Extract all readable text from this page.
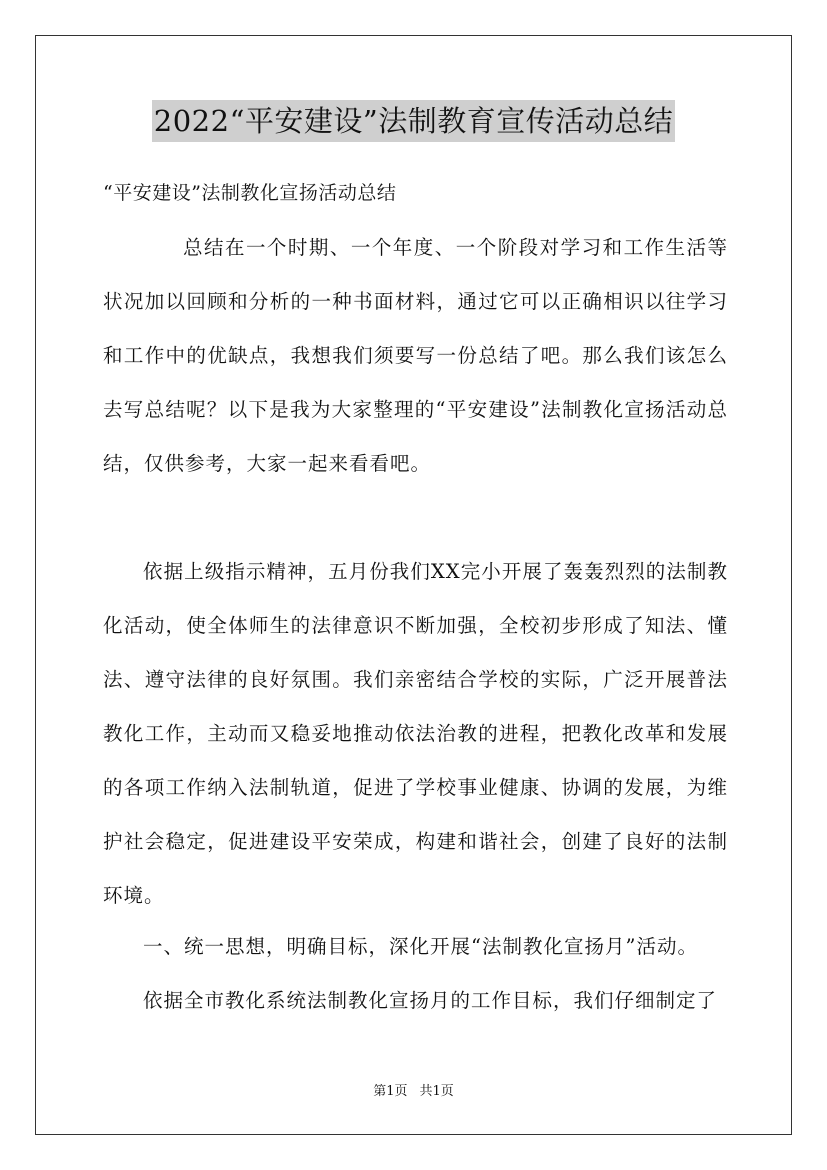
2022“平安建设”法制教育宣传活动总结
“平安建设”法制教化宣扬活动总结

总结在一个时期、一个年度、一个阶段对学习和工作生活等状况加以回顾和分析的一种书面材料，通过它可以正确相识以往学习和工作中的优缺点，我想我们须要写一份总结了吧。那么我们该怎么去写总结呢？以下是我为大家整理的“平安建设”法制教化宣扬活动总结，仅供参考，大家一起来看看吧。

依据上级指示精神，五月份我们XX完小开展了轰轰烈烈的法制教化活动，使全体师生的法律意识不断加强，全校初步形成了知法、懂法、遵守法律的良好氛围。我们亲密结合学校的实际，广泛开展普法教化工作，主动而又稳妥地推动依法治教的进程，把教化改革和发展的各项工作纳入法制轨道，促进了学校事业健康、协调的发展，为维护社会稳定，促进建设平安荣成，构建和谐社会，创建了良好的法制环境。

一、统一思想，明确目标，深化开展“法制教化宣扬月”活动。

依据全市教化系统法制教化宣扬月的工作目标，我们仔细制定了

第1页 共1页
